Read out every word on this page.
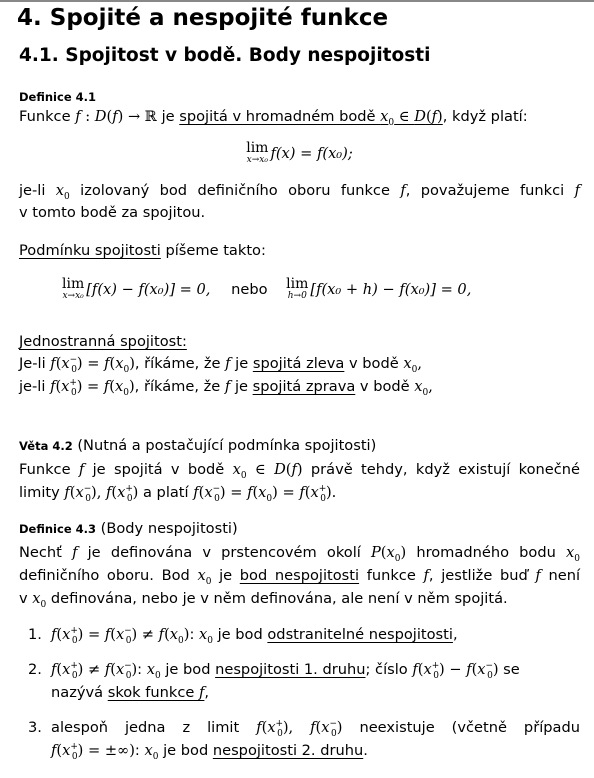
4. Spojité a nespojité funkce
4.1. Spojitost v bodě. Body nespojitosti
Definice 4.1
Funkce f : D(f) → ℝ je spojitá v hromadném bodě $x_0$ ∈ D(f), když platí:
lim
x→x₀ f(x) = f(x₀);
je-li $x_0$ izolovaný bod definičního oboru funkce f, považujeme funkci f
v tomto bodě za spojitou.
Podmínku spojitosti píšeme takto:
lim
x→x₀ [f(x) − f(x₀)] = 0, nebo lim
h→0 [f(x₀ + h) − f(x₀)] = 0,
Jednostranná spojitost:
Je-li $f(x^-_0) = f(x_0)$, říkáme, že f je spojitá zleva v bodě $x_0$,
je-li $f(x^+_0) = f(x_0)$, říkáme, že f je spojitá zprava v bodě $x_0$,
Věta 4.2 (Nutná a postačující podmínka spojitosti)
Funkce f je spojitá v bodě $x_0$ ∈ D(f) právě tehdy, když existují konečné
limity $f(x^-_0)$, $f(x^+_0)$ a platí $f(x^-_0) = f(x_0) = f(x^+_0)$.
Definice 4.3 (Body nespojitosti)
Nechť f je definována v prstencovém okolí $P(x_0)$ hromadného bodu $x_0$
definičního oboru. Bod $x_0$ je bod nespojitosti funkce f, jestliže buď f není
v $x_0$ definována, nebo je v něm definována, ale není v něm spojitá.
1. $f(x^+_0) = f(x^-_0) \ne f(x_0)$: $x_0$ je bod odstranitelné nespojitosti,
2. $f(x^+_0) \ne f(x^-_0)$: $x_0$ je bod nespojitosti 1. druhu; číslo $f(x^+_0) - f(x^-_0)$ se
nazývá skok funkce f,
3. alespoň jedna z limit $f(x^+_0)$, $f(x^-_0)$ neexistuje (včetně případu
$f(x^+_0)$ = ±∞): $x_0$ je bod nespojitosti 2. druhu.
